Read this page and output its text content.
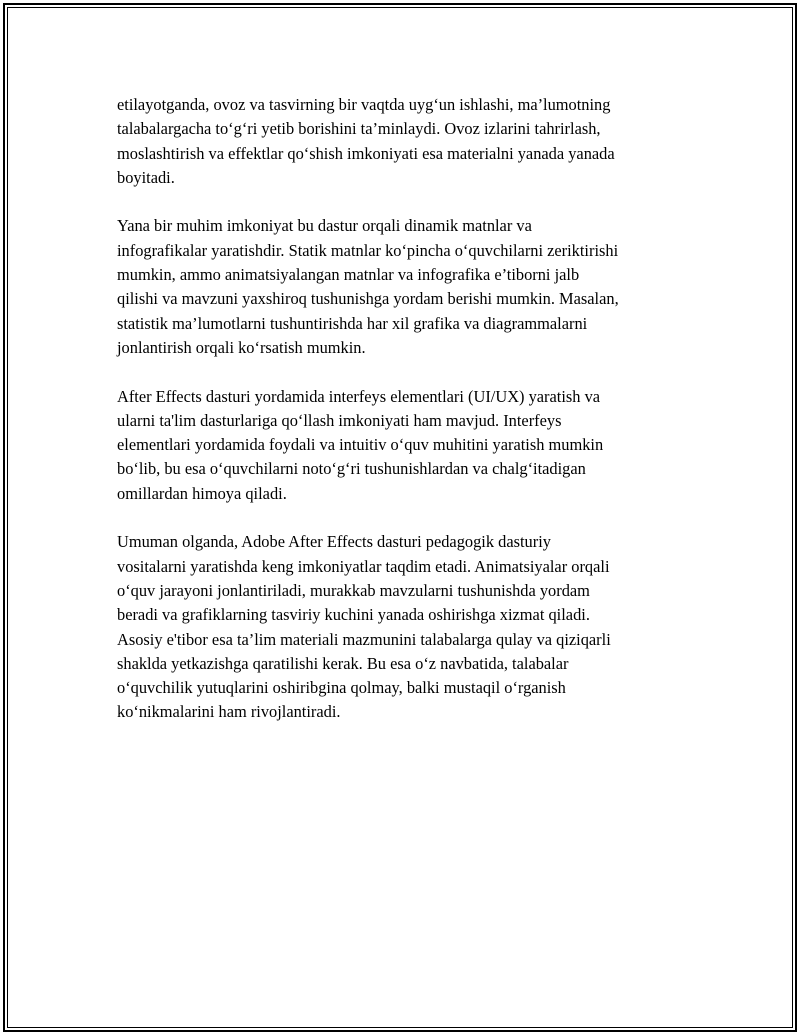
etilayotganda, ovoz va tasvirning bir vaqtda uyg‘un ishlashi, ma’lumotning
talabalargacha to‘g‘ri yetib borishini ta’minlaydi. Ovoz izlarini tahrirlash,
moslashtirish va effektlar qo‘shish imkoniyati esa materialni yanada yanada
boyitadi.

Yana bir muhim imkoniyat bu dastur orqali dinamik matnlar va
infografikalar yaratishdir. Statik matnlar ko‘pincha o‘quvchilarni zeriktirishi
mumkin, ammo animatsiyalangan matnlar va infografika e’tiborni jalb
qilishi va mavzuni yaxshiroq tushunishga yordam berishi mumkin. Masalan,
statistik ma’lumotlarni tushuntirishda har xil grafika va diagrammalarni
jonlantirish orqali ko‘rsatish mumkin.

After Effects dasturi yordamida interfeys elementlari (UI/UX) yaratish va
ularni ta'lim dasturlariga qo‘llash imkoniyati ham mavjud. Interfeys
elementlari yordamida foydali va intuitiv o‘quv muhitini yaratish mumkin
bo‘lib, bu esa o‘quvchilarni noto‘g‘ri tushunishlardan va chalg‘itadigan
omillardan himoya qiladi.

Umuman olganda, Adobe After Effects dasturi pedagogik dasturiy
vositalarni yaratishda keng imkoniyatlar taqdim etadi. Animatsiyalar orqali
o‘quv jarayoni jonlantiriladi, murakkab mavzularni tushunishda yordam
beradi va grafiklarning tasviriy kuchini yanada oshirishga xizmat qiladi.
Asosiy e'tibor esa ta’lim materiali mazmunini talabalarga qulay va qiziqarli
shaklda yetkazishga qaratilishi kerak. Bu esa o‘z navbatida, talabalar
o‘quvchilik yutuqlarini oshiribgina qolmay, balki mustaqil o‘rganish
ko‘nikmalarini ham rivojlantiradi.
